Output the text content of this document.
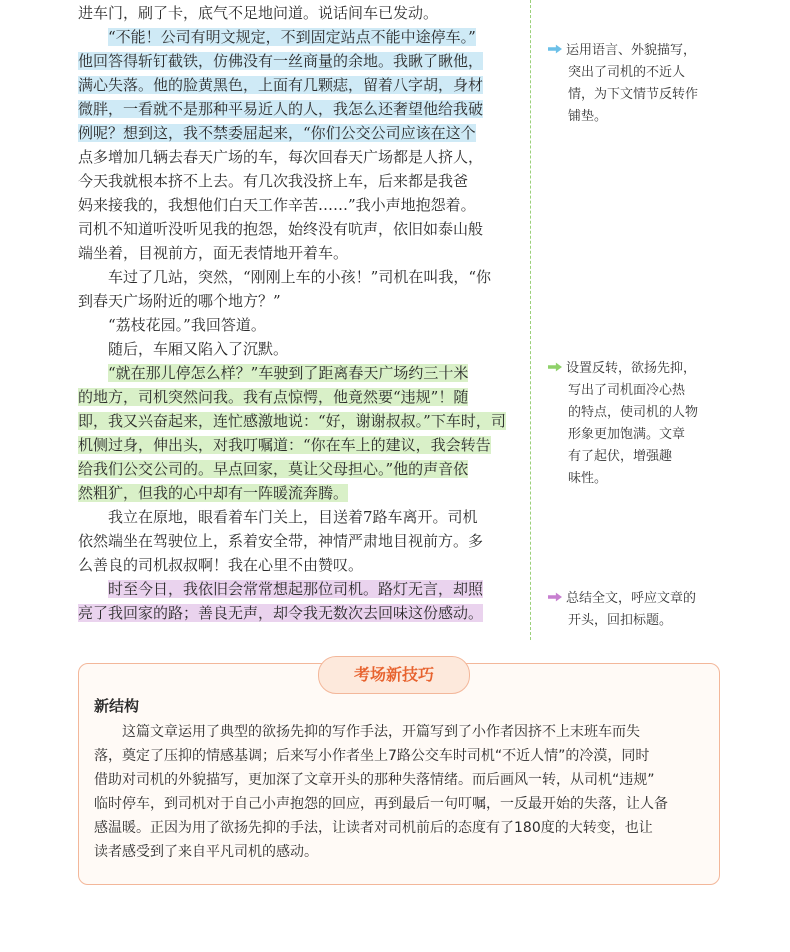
进车门，刷了卡，底气不足地问道。说话间车已发动。

“不能！公司有明文规定，不到固定站点不能中途停车。”

他回答得斩钉截铁，仿佛没有一丝商量的余地。我瞅了瞅他，

满心失落。他的脸黄黑色，上面有几颗痣，留着八字胡，身材

微胖，一看就不是那种平易近人的人，我怎么还奢望他给我破

例呢？想到这，我不禁委屈起来，“你们公交公司应该在这个

点多增加几辆去春天广场的车，每次回春天广场都是人挤人，

今天我就根本挤不上去。有几次我没挤上车，后来都是我爸

妈来接我的，我想他们白天工作辛苦……”我小声地抱怨着。

司机不知道听没听见我的抱怨，始终没有吭声，依旧如泰山般

端坐着，目视前方，面无表情地开着车。

车过了几站，突然，“刚刚上车的小孩！”司机在叫我，“你

到春天广场附近的哪个地方？”

“荔枝花园。”我回答道。

随后，车厢又陷入了沉默。

“就在那儿停怎么样？”车驶到了距离春天广场约三十米

的地方，司机突然问我。我有点惊愕，他竟然要“违规”！随

即，我又兴奋起来，连忙感激地说：“好，谢谢叔叔。”下车时，司

机侧过身，伸出头，对我叮嘱道：“你在车上的建议，我会转告

给我们公交公司的。早点回家，莫让父母担心。”他的声音依

然粗犷，但我的心中却有一阵暖流奔腾。

我立在原地，眼看着车门关上，目送着7路车离开。司机

依然端坐在驾驶位上，系着安全带，神情严肃地目视前方。多

么善良的司机叔叔啊！我在心里不由赞叹。

时至今日，我依旧会常常想起那位司机。路灯无言，却照

亮了我回家的路；善良无声，却令我无数次去回味这份感动。

运用语言、外貌描写，
突出了司机的不近人
情，为下文情节反转作
铺垫。
设置反转，欲扬先抑，
写出了司机面冷心热
的特点，使司机的人物
形象更加饱满。文章
有了起伏，增强趣
味性。
总结全文，呼应文章的
开头，回扣标题。
考场新技巧
新结构

这篇文章运用了典型的欲扬先抑的写作手法，开篇写到了小作者因挤不上末班车而失

落，奠定了压抑的情感基调；后来写小作者坐上7路公交车时司机“不近人情”的冷漠，同时

借助对司机的外貌描写，更加深了文章开头的那种失落情绪。而后画风一转，从司机“违规”

临时停车，到司机对于自己小声抱怨的回应，再到最后一句叮嘱，一反最开始的失落，让人备

感温暖。正因为用了欲扬先抑的手法，让读者对司机前后的态度有了180度的大转变，也让

读者感受到了来自平凡司机的感动。
